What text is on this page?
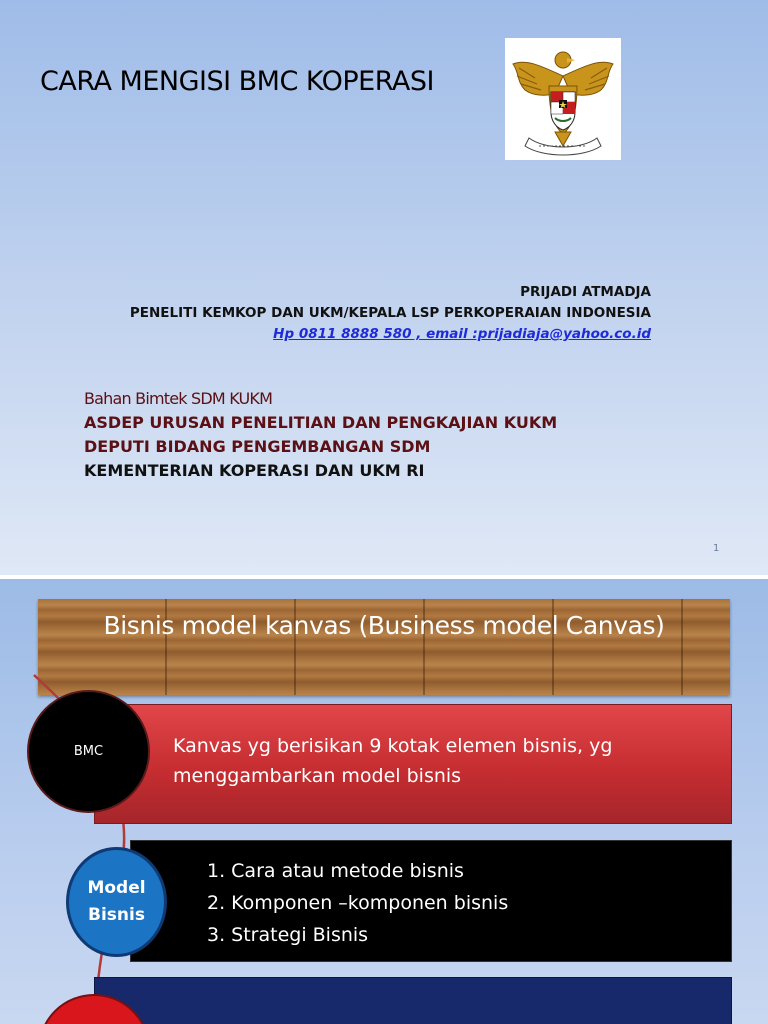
CARA MENGISI BMC KOPERASI
PRIJADI ATMADJA
PENELITI KEMKOP DAN UKM/KEPALA LSP PERKOPERAIAN INDONESIA
Hp 0811 8888 580 , email :prijadiaja@yahoo.co.id
Bahan Bimtek SDM KUKM
ASDEP URUSAN PENELITIAN DAN PENGKAJIAN KUKM
DEPUTI BIDANG PENGEMBANGAN SDM
KEMENTERIAN KOPERASI DAN UKM RI
1
Bisnis model kanvas (Business model Canvas)
Kanvas yg berisikan 9 kotak elemen bisnis, yg
menggambarkan model bisnis
BMC
1. Cara atau metode bisnis
2. Komponen –komponen bisnis
3. Strategi Bisnis
Model
Bisnis
